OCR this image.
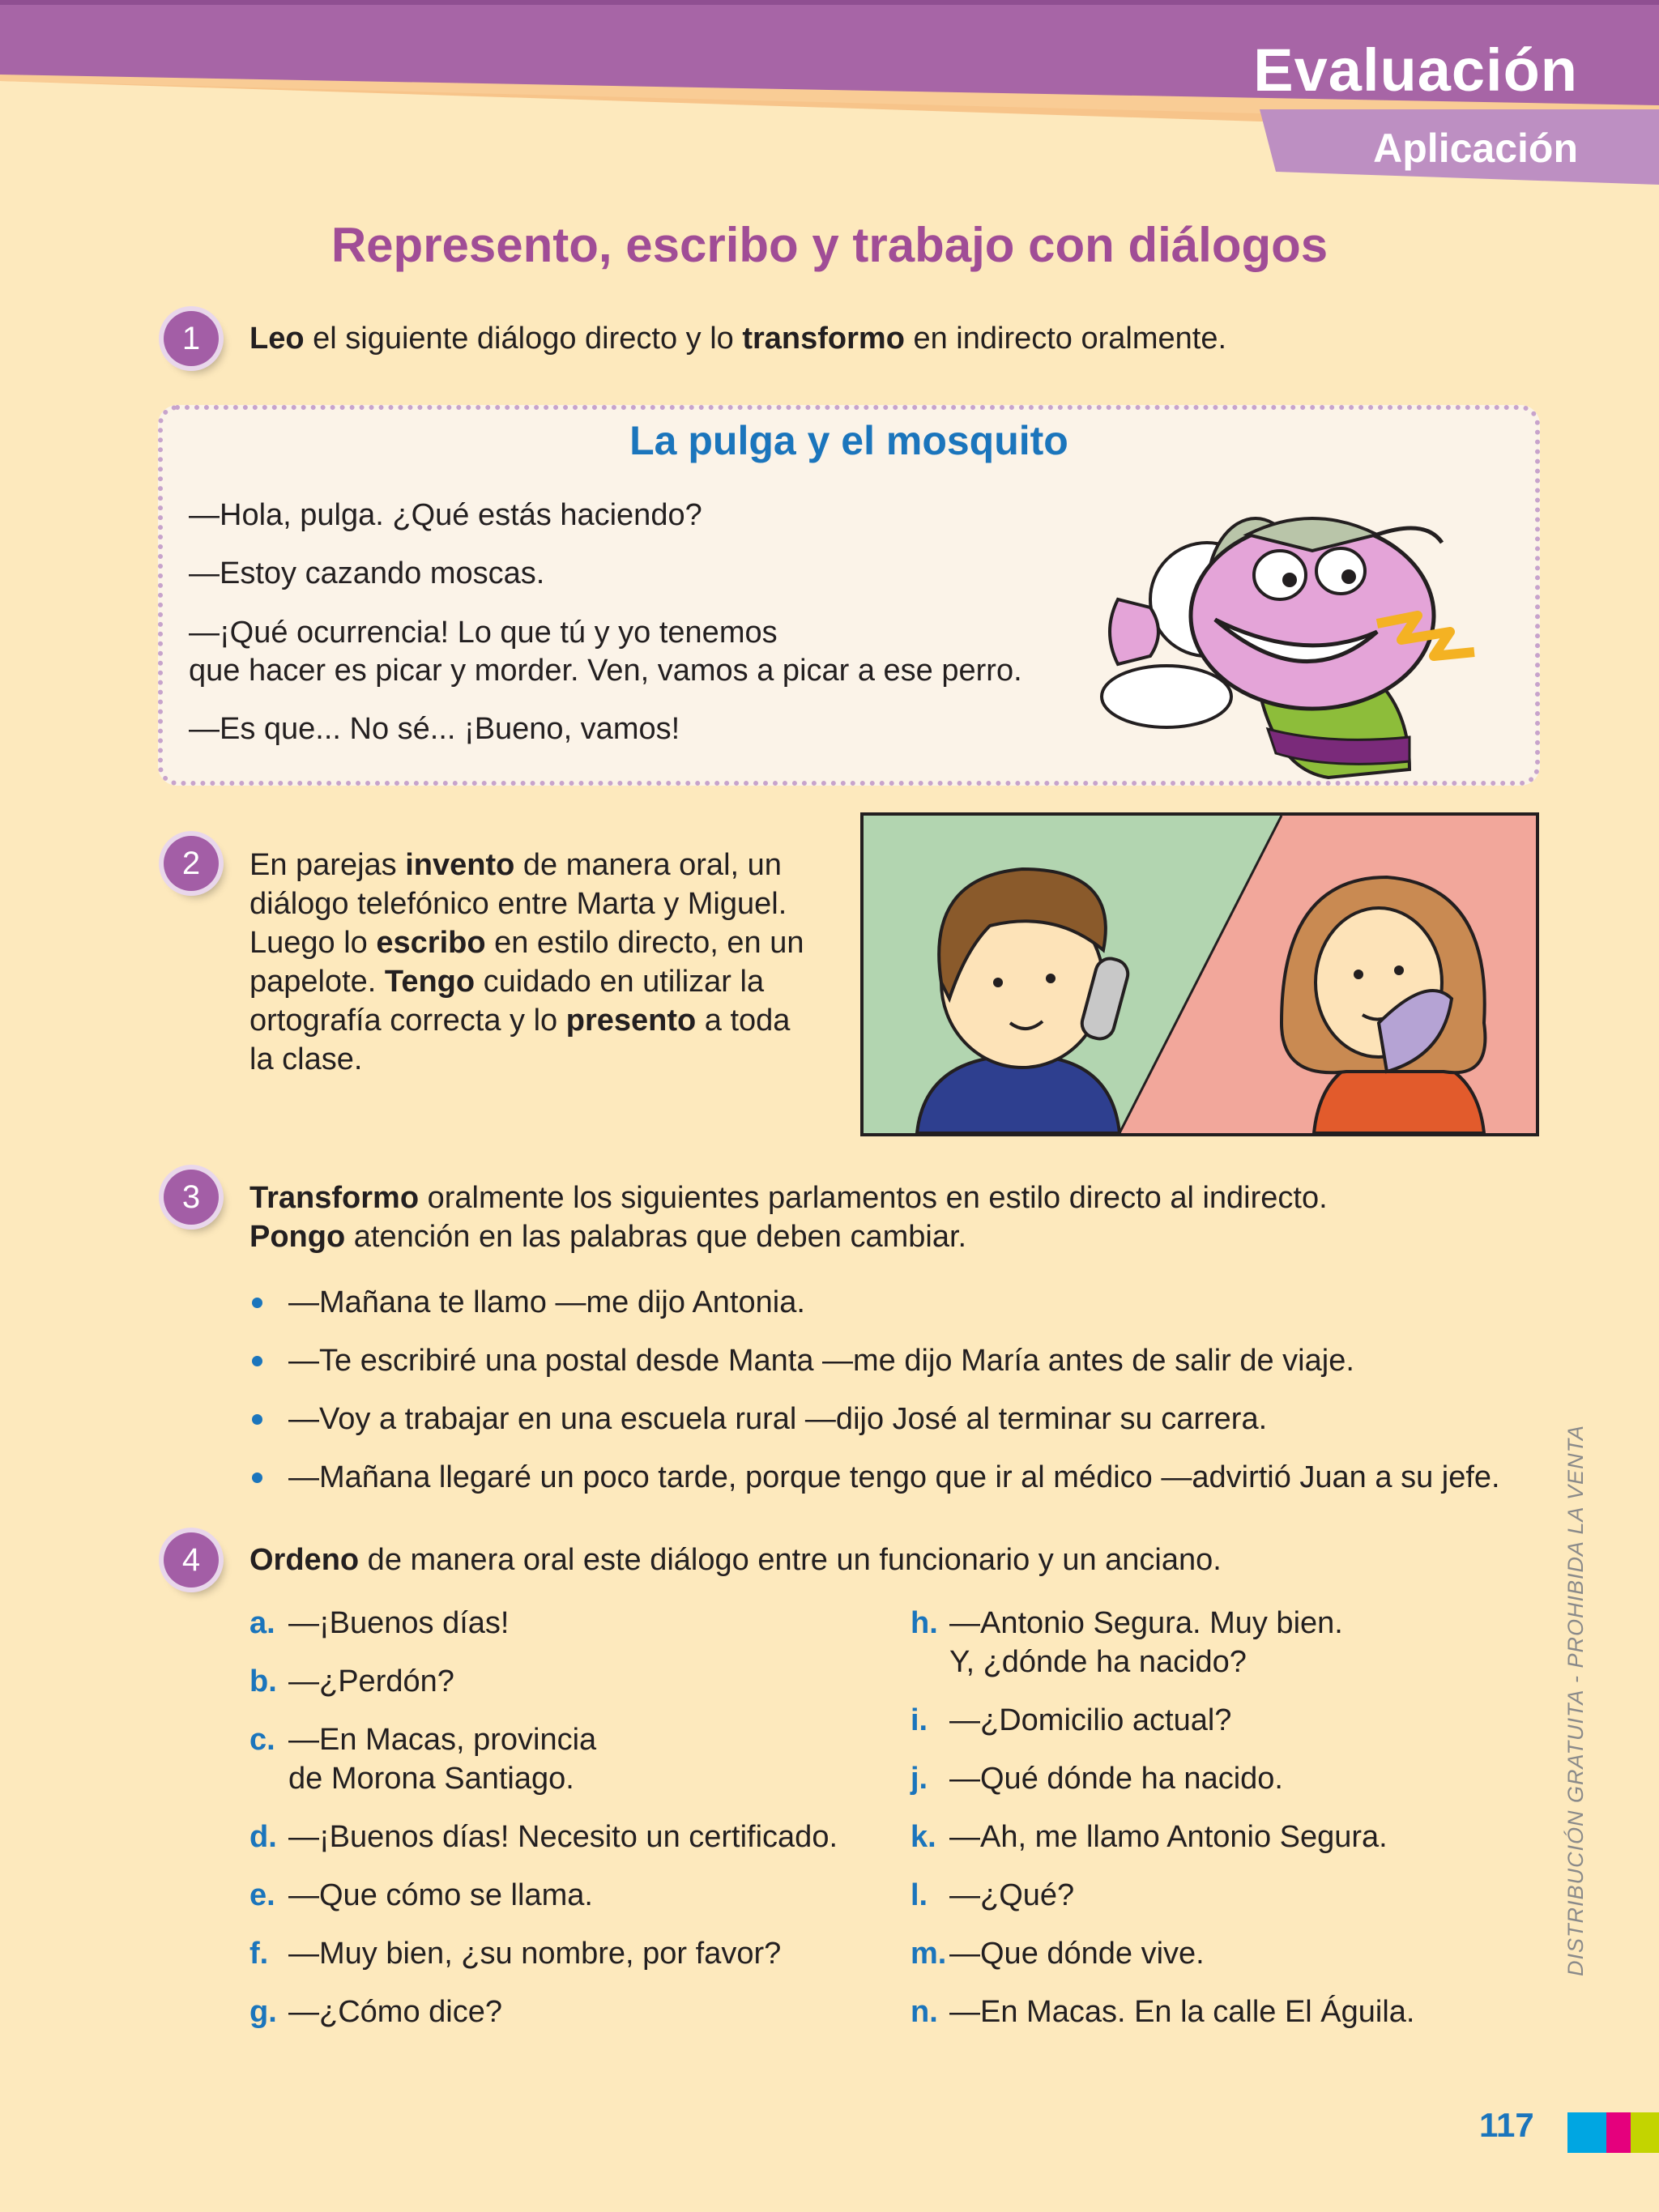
Evaluación
Aplicación
Represento, escribo y trabajo con diálogos
1	Leo el siguiente diálogo directo y lo transformo en indirecto oralmente.
La pulga y el mosquito
—Hola, pulga. ¿Qué estás haciendo?
—Estoy cazando moscas.
—¡Qué ocurrencia! Lo que tú y yo tenemos
que hacer es picar y morder. Ven, vamos a picar a ese perro.
—Es que... No sé... ¡Bueno, vamos!
2	En parejas invento de manera oral, un
diálogo telefónico entre Marta y Miguel.
Luego lo escribo en estilo directo, en un
papelote. Tengo cuidado en utilizar la
ortografía correcta y lo presento a toda
la clase.
3	Transformo oralmente los siguientes parlamentos en estilo directo al indirecto.
Pongo atención en las palabras que deben cambiar.
—Mañana te llamo —me dijo Antonia.
—Te escribiré una postal desde Manta —me dijo María antes de salir de viaje.
—Voy a trabajar en una escuela rural —dijo José al terminar su carrera.
—Mañana llegaré un poco tarde, porque tengo que ir al médico —advirtió Juan a su jefe.
4	Ordeno de manera oral este diálogo entre un funcionario y un anciano.
a. —¡Buenos días!
b. —¿Perdón?
c. —En Macas, provincia
de Morona Santiago.
d. —¡Buenos días! Necesito un certificado.
e. —Que cómo se llama.
f. —Muy bien, ¿su nombre, por favor?
g. —¿Cómo dice?
h. —Antonio Segura. Muy bien.
Y, ¿dónde ha nacido?
i. —¿Domicilio actual?
j. —Qué dónde ha nacido.
k. —Ah, me llamo Antonio Segura.
l. —¿Qué?
m. —Que dónde vive.
n. —En Macas. En la calle El Águila.
DISTRIBUCIÓN GRATUITA - PROHIBIDA LA VENTA
117
